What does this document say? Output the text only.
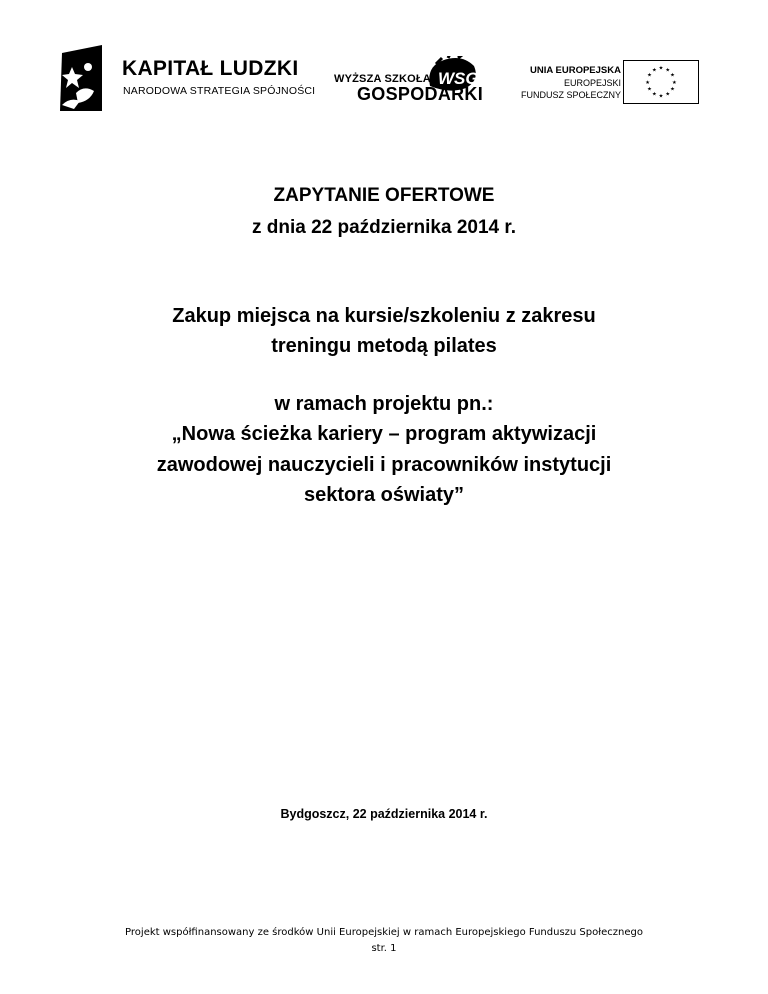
KAPITAŁ LUDZKI
NARODOWA STRATEGIA SPÓJNOŚCI
WYŻSZA SZKOŁA
GOSPODARKI
WSG	UNIA EUROPEJSKA
EUROPEJSKI
FUNDUSZ SPOŁECZNY
★ ★
★
★
★
★
★
★
★
★
★
★
ZAPYTANIE OFERTOWE
z dnia 22 października 2014 r.
Zakup miejsca na kursie/szkoleniu z zakresu
treningu metodą pilates
w ramach projektu pn.:
„Nowa ścieżka kariery – program aktywizacji
zawodowej nauczycieli i pracowników instytucji
sektora oświaty”
Bydgoszcz, 22 października 2014 r.
Projekt współfinansowany ze środków Unii Europejskiej w ramach Europejskiego Funduszu Społecznego
str. 1
